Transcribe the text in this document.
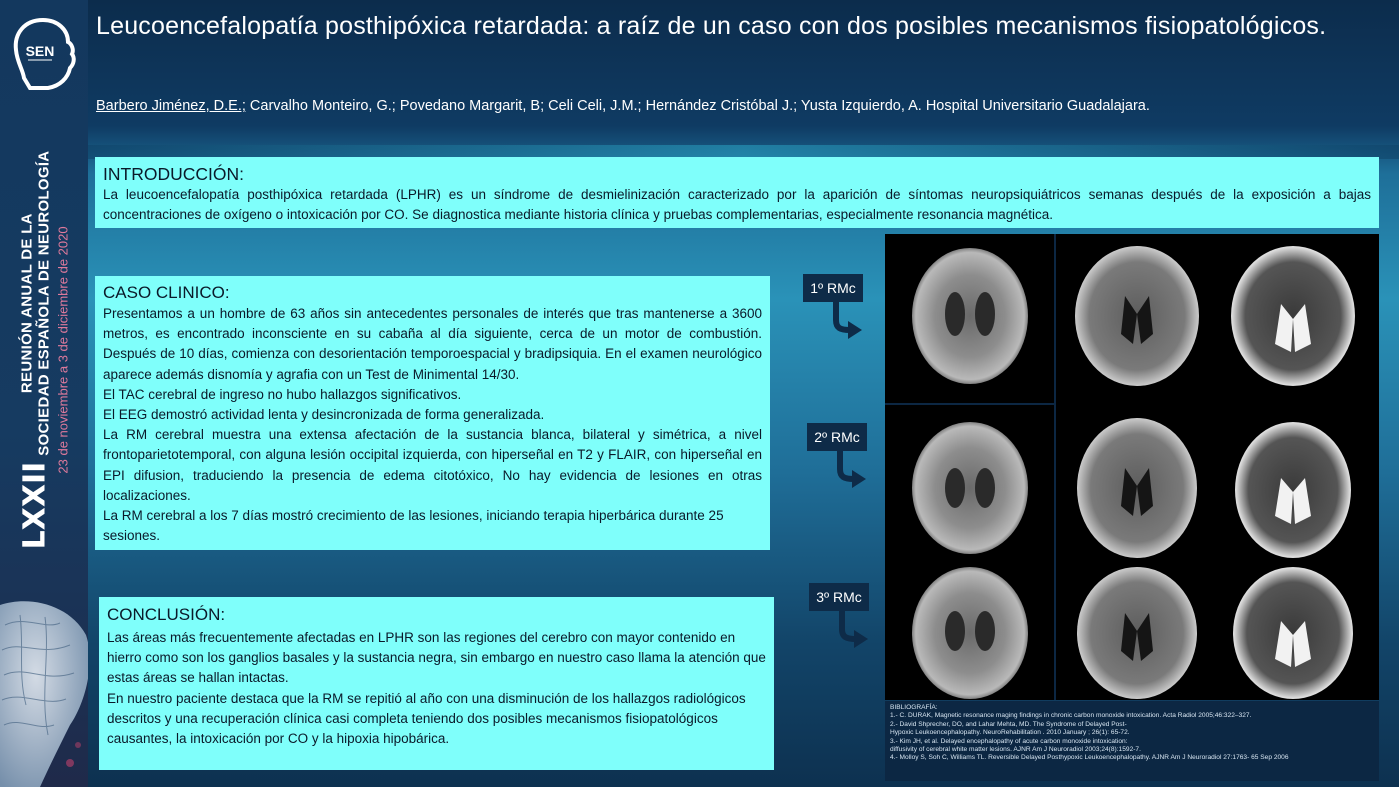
SEN
LXXII
REUNIÓN ANUAL DE LA SOCIEDAD ESPAÑOLA DE NEUROLOGÍA 23 de noviembre a 3 de diciembre de 2020
Leucoencefalopatía posthipóxica retardada: a raíz de un caso con dos posibles mecanismos fisiopatológicos.
Barbero Jiménez, D.E.; Carvalho Monteiro, G.; Povedano Margarit, B; Celi Celi, J.M.; Hernández Cristóbal J.; Yusta Izquierdo, A. Hospital Universitario Guadalajara.
INTRODUCCIÓN:

La leucoencefalopatía posthipóxica retardada (LPHR) es un síndrome de desmielinización caracterizado por la aparición de síntomas neuropsiquiátricos semanas después de la exposición a bajas concentraciones de oxígeno o intoxicación por CO. Se diagnostica mediante historia clínica y pruebas complementarias, especialmente resonancia magnética.

CASO CLINICO:

Presentamos a un hombre de 63 años sin antecedentes personales de interés que tras mantenerse a 3600 metros, es encontrado inconsciente en su cabaña al día siguiente, cerca de un motor de combustión. Después de 10 días, comienza con desorientación temporoespacial y bradipsiquia. En el examen neurológico aparece además disnomía y agrafia con un Test de Minimental 14/30.

El TAC cerebral de ingreso no hubo hallazgos significativos.

El EEG demostró actividad lenta y desincronizada de forma generalizada.

La RM cerebral muestra una extensa afectación de la sustancia blanca, bilateral y simétrica, a nivel frontoparietotemporal, con alguna lesión occipital izquierda, con hiperseñal en T2 y FLAIR, con hiperseñal en EPI difusion, traduciendo la presencia de edema citotóxico, No hay evidencia de lesiones en otras localizaciones.

La RM cerebral a los 7 días mostró crecimiento de las lesiones, iniciando terapia hiperbárica durante 25 sesiones.

CONCLUSIÓN:

Las áreas más frecuentemente afectadas en LPHR son las regiones del cerebro con mayor contenido en hierro como son los ganglios basales y la sustancia negra, sin embargo en nuestro caso llama la atención que estas áreas se hallan intactas.

En nuestro paciente destaca que la RM se repitió al año con una disminución de los hallazgos radiológicos descritos y una recuperación clínica casi completa teniendo dos posibles mecanismos fisiopatológicos causantes, la intoxicación por CO y la hipoxia hipobárica.

1º RMc
2º RMc
3º RMc
BIBLIOGRAFÍA:
1.- C. DURAK, Magnetic resonance maging findings in chronic carbon monoxide intoxication. Acta Radiol 2005;46:322–327.
2.- David Shprecher, DO, and Lahar Mehta, MD. The Syndrome of Delayed Post-
Hypoxic Leukoencephalopathy. NeuroRehabilitation . 2010 January ; 26(1): 65-72.
3.- Kim JH, et al. Delayed encephalopathy of acute carbon monoxide intoxication:
diffusivity of cerebral white matter lesions. AJNR Am J Neuroradiol 2003;24(8):1592-7.
4.- Molloy S, Soh C, Williams TL. Reversible Delayed Posthypoxic Leukoencephalopathy. AJNR Am J Neuroradiol 27:1763- 65 Sep 2006
